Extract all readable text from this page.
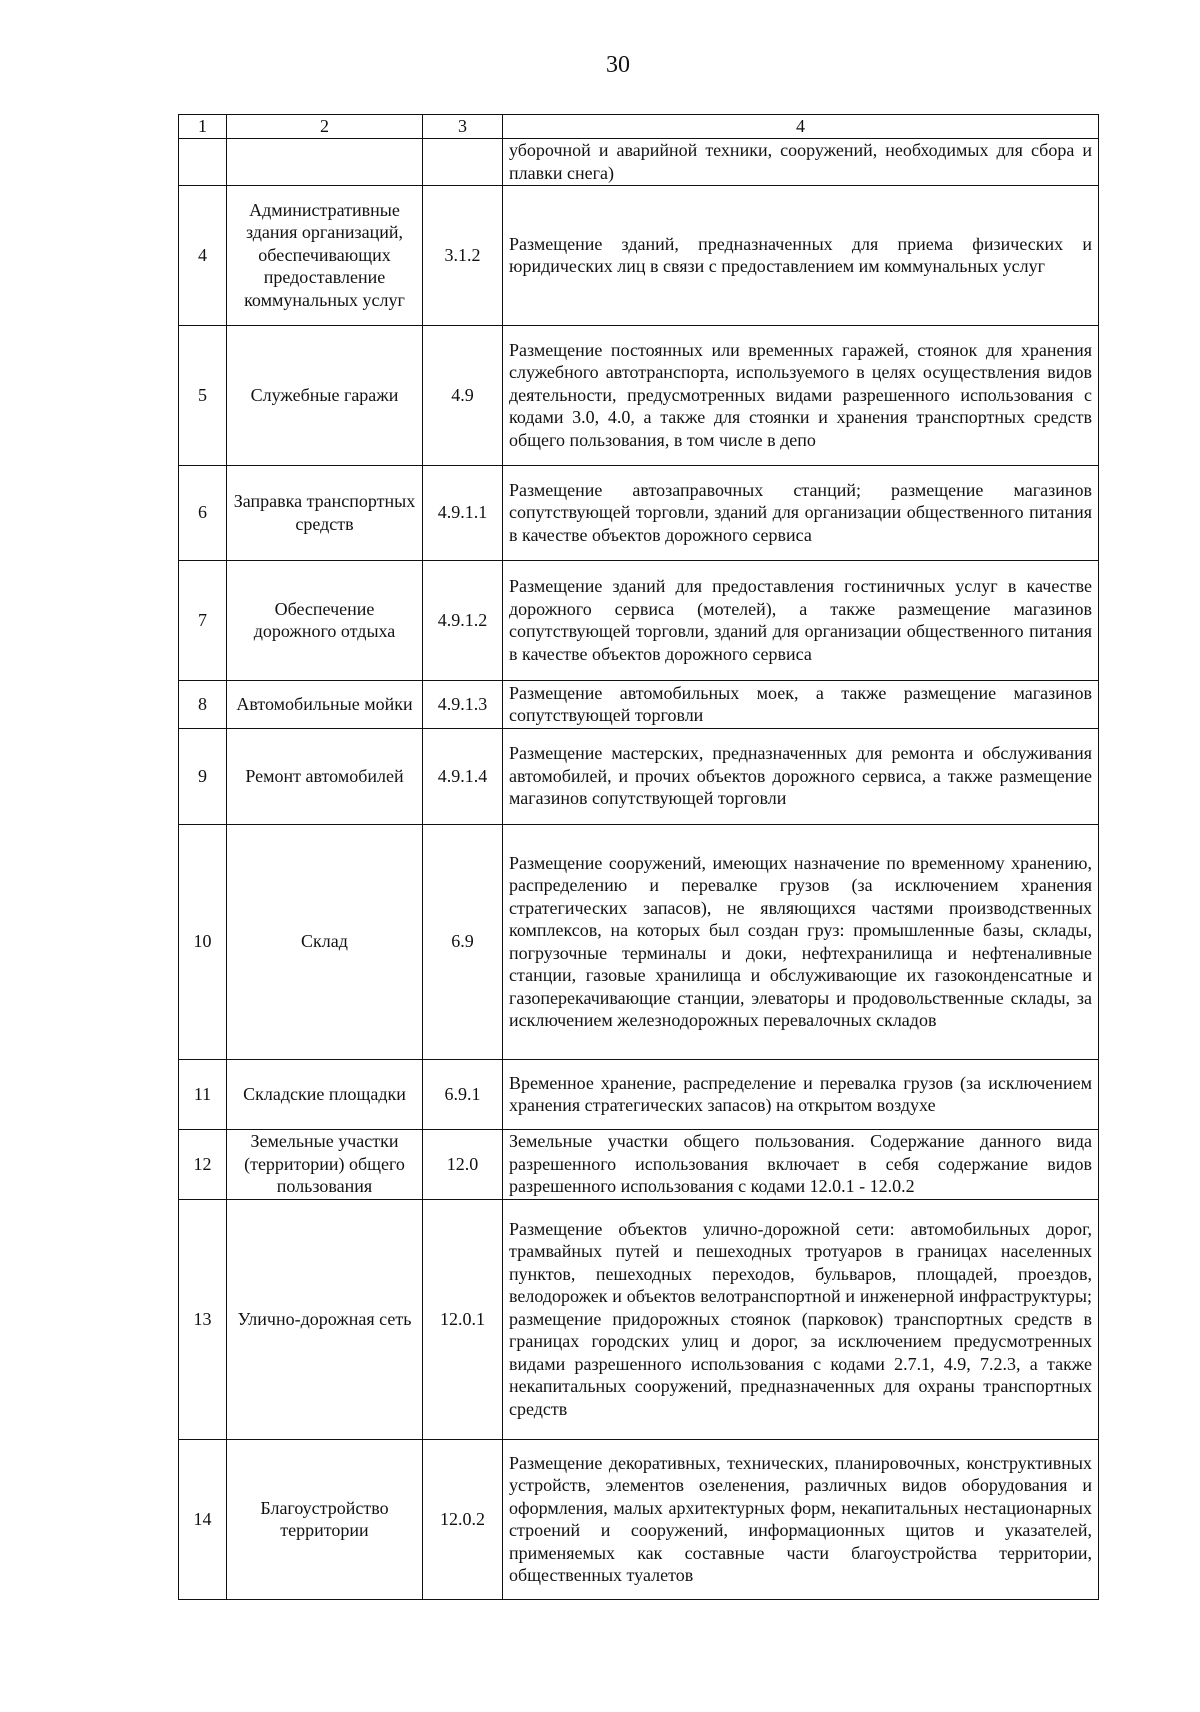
30
1	2	3	4
			уборочной и аварийной техники, сооружений, необходимых для сбора и плавки снега)
4	Административные здания организаций, обеспечивающих предоставление коммунальных услуг	3.1.2	Размещение зданий, предназначенных для приема физических и юридических лиц в связи с предоставлением им коммунальных услуг
5	Служебные гаражи	4.9	Размещение постоянных или временных гаражей, стоянок для хранения служебного автотранспорта, используемого в целях осуществления видов деятельности, предусмотренных видами разрешенного использования с кодами 3.0, 4.0, а также для стоянки и хранения транспортных средств общего пользования, в том числе в депо
6	Заправка транспортных средств	4.9.1.1	Размещение автозаправочных станций; размещение магазинов сопутствующей торговли, зданий для организации общественного питания в качестве объектов дорожного сервиса
7	Обеспечение дорожного отдыха	4.9.1.2	Размещение зданий для предоставления гостиничных услуг в качестве дорожного сервиса (мотелей), а также размещение магазинов сопутствующей торговли, зданий для организации общественного питания в качестве объектов дорожного сервиса
8	Автомобильные мойки	4.9.1.3	Размещение автомобильных моек, а также размещение магазинов сопутствующей торговли
9	Ремонт автомобилей	4.9.1.4	Размещение мастерских, предназначенных для ремонта и обслуживания автомобилей, и прочих объектов дорожного сервиса, а также размещение магазинов сопутствующей торговли
10	Склад	6.9	Размещение сооружений, имеющих назначение по временному хранению, распределению и перевалке грузов (за исключением хранения стратегических запасов), не являющихся частями производственных комплексов, на которых был создан груз: промышленные базы, склады, погрузочные терминалы и доки, нефтехранилища и нефтеналивные станции, газовые хранилища и обслуживающие их газоконденсатные и газоперекачивающие станции, элеваторы и продовольственные склады, за исключением железнодорожных перевалочных складов
11	Складские площадки	6.9.1	Временное хранение, распределение и перевалка грузов (за исключением хранения стратегических запасов) на открытом воздухе
12	Земельные участки (территории) общего пользования	12.0	Земельные участки общего пользования. Содержание данного вида разрешенного использования включает в себя содержание видов разрешенного использования с кодами 12.0.1 - 12.0.2
13	Улично-дорожная сеть	12.0.1	Размещение объектов улично-дорожной сети: автомобильных дорог, трамвайных путей и пешеходных тротуаров в границах населенных пунктов, пешеходных переходов, бульваров, площадей, проездов, велодорожек и объектов велотранспортной и инженерной инфраструктуры; размещение придорожных стоянок (парковок) транспортных средств в границах городских улиц и дорог, за исключением предусмотренных видами разрешенного использования с кодами 2.7.1, 4.9, 7.2.3, а также некапитальных сооружений, предназначенных для охраны транспортных средств
14	Благоустройство территории	12.0.2	Размещение декоративных, технических, планировочных, конструктивных устройств, элементов озеленения, различных видов оборудования и оформления, малых архитектурных форм, некапитальных нестационарных строений и сооружений, информационных щитов и указателей, применяемых как составные части благоустройства территории, общественных туалетов
